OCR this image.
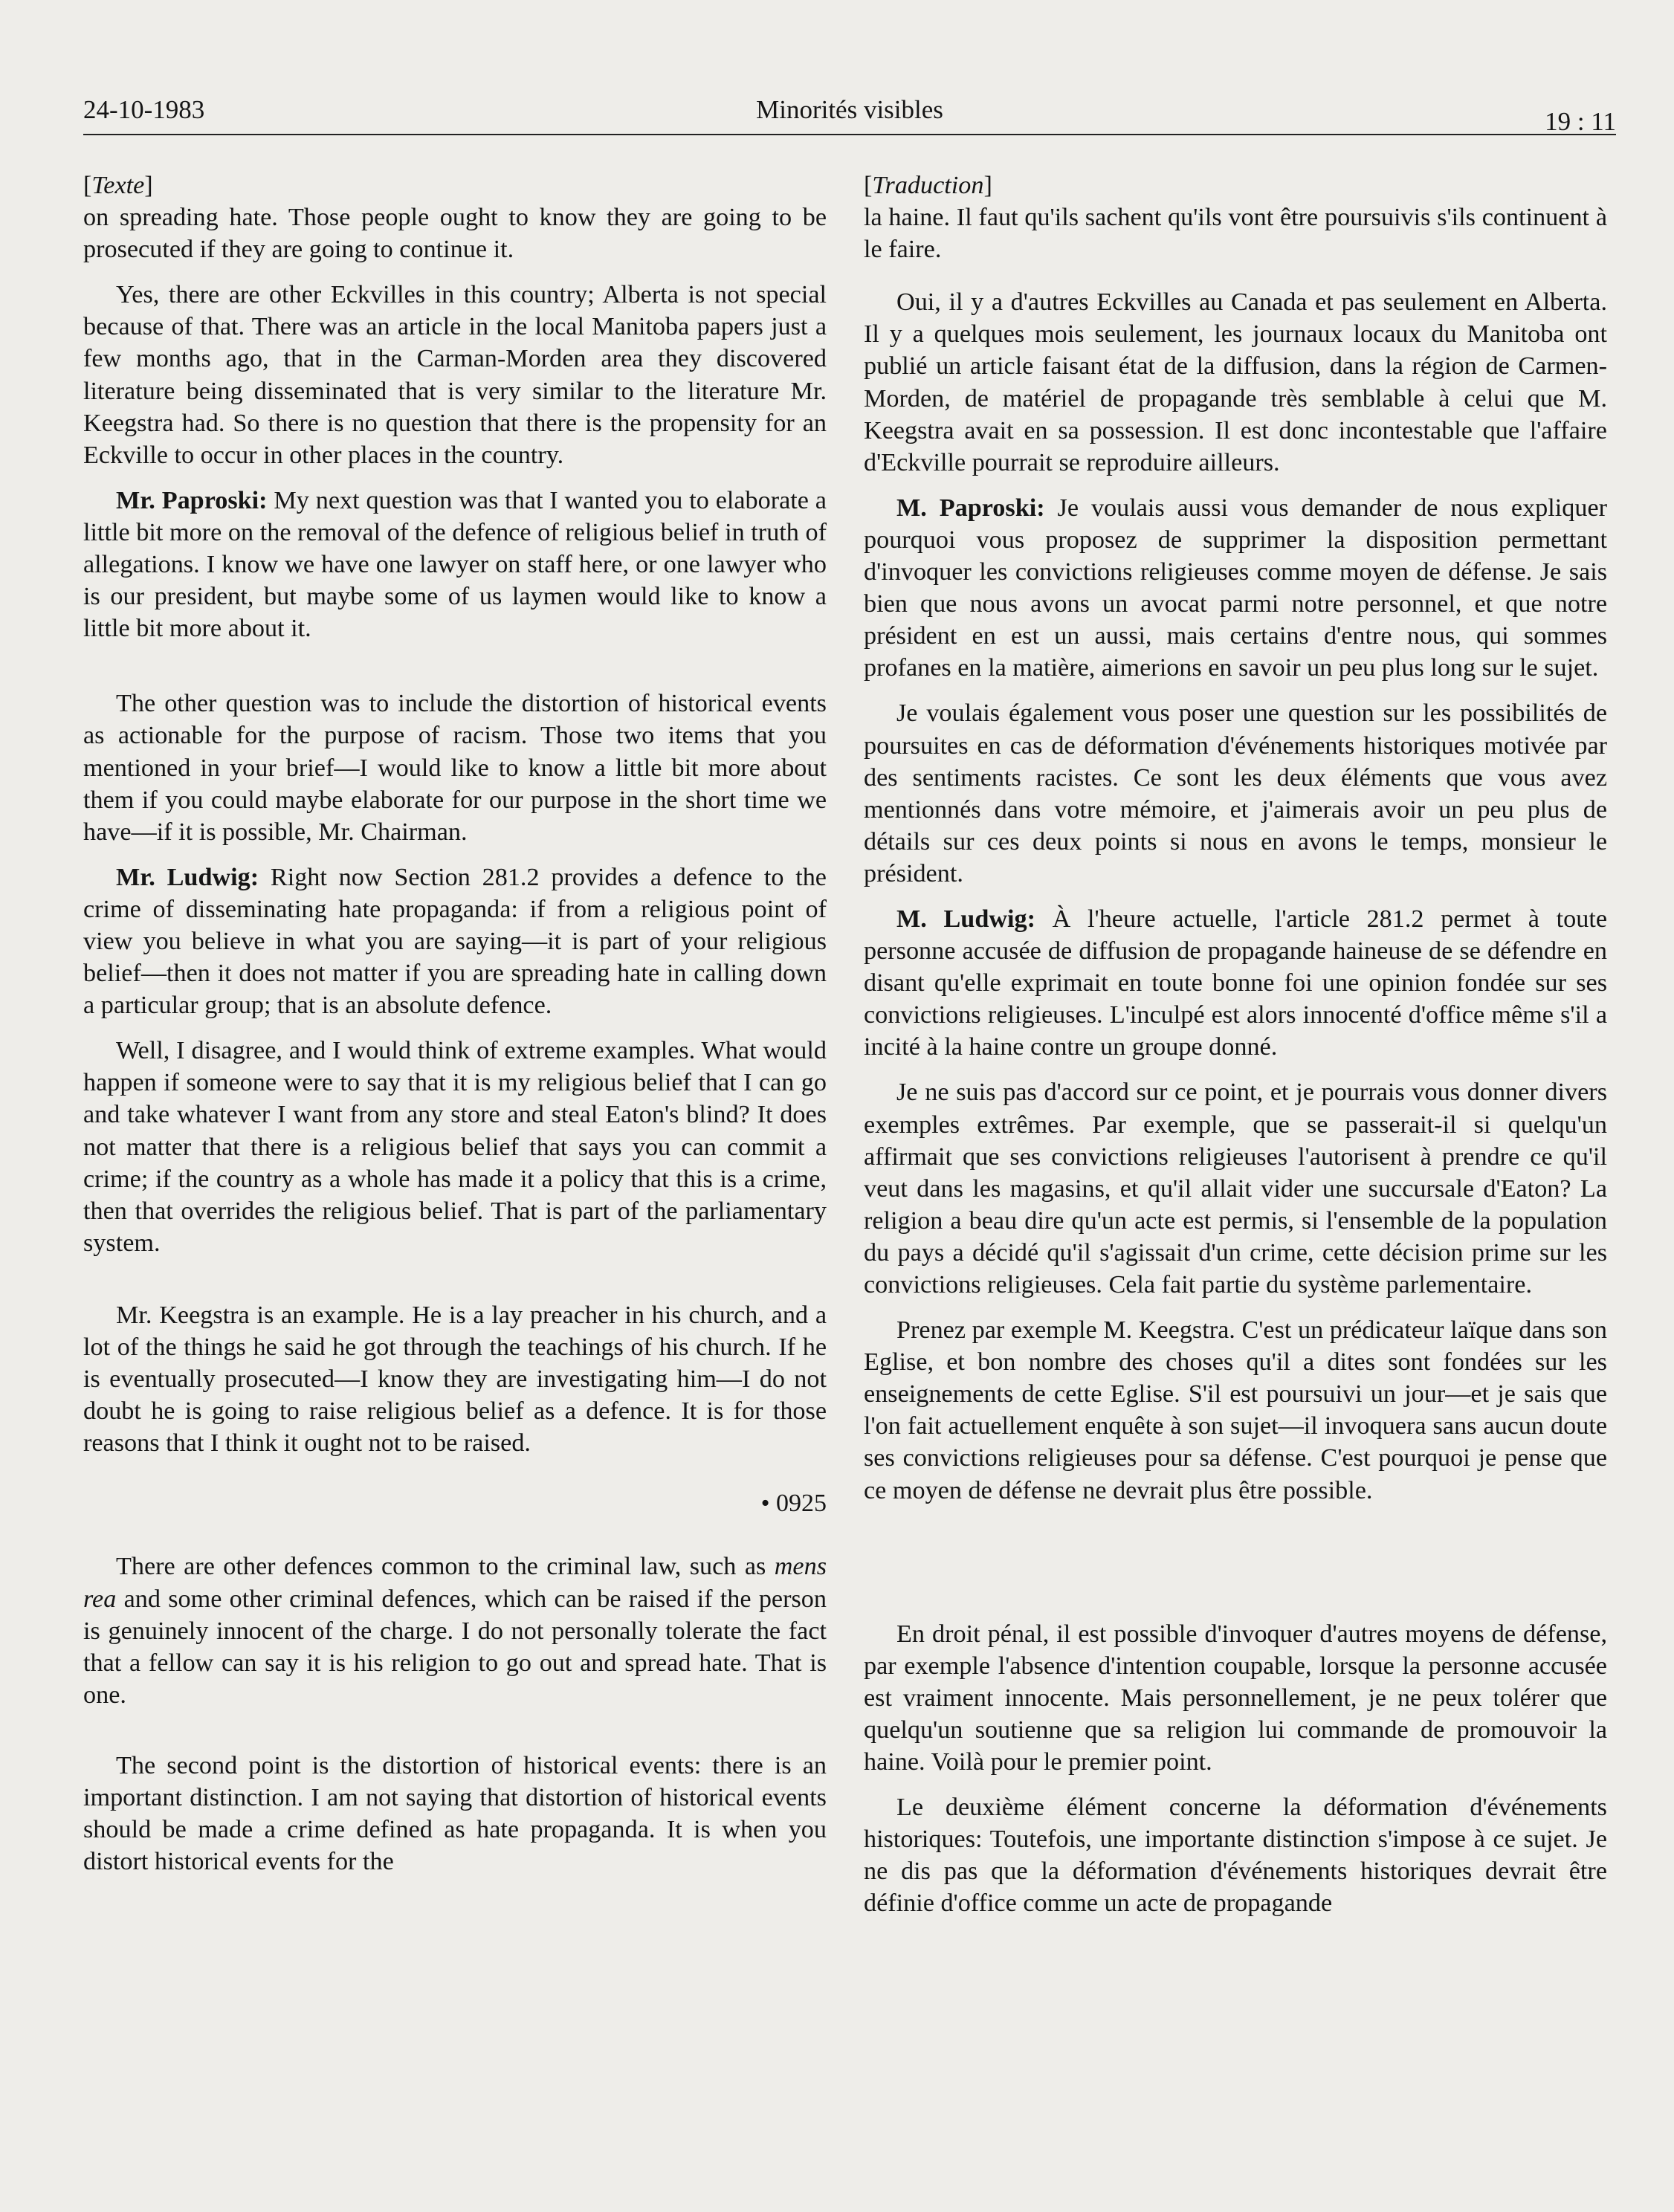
24-10-1983	Minorités visibles	19 : 11

[Texte]

on spreading hate. Those people ought to know they are going to be prosecuted if they are going to continue it.

Yes, there are other Eckvilles in this country; Alberta is not special because of that. There was an article in the local Manitoba papers just a few months ago, that in the Carman-Morden area they discovered literature being disseminated that is very similar to the literature Mr. Keegstra had. So there is no question that there is the propensity for an Eckville to occur in other places in the country.

Mr. Paproski: My next question was that I wanted you to elaborate a little bit more on the removal of the defence of religious belief in truth of allegations. I know we have one lawyer on staff here, or one lawyer who is our president, but maybe some of us laymen would like to know a little bit more about it.

The other question was to include the distortion of historical events as actionable for the purpose of racism. Those two items that you mentioned in your brief—I would like to know a little bit more about them if you could maybe elaborate for our purpose in the short time we have—if it is possible, Mr. Chairman.

Mr. Ludwig: Right now Section 281.2 provides a defence to the crime of disseminating hate propaganda: if from a religious point of view you believe in what you are saying—it is part of your religious belief—then it does not matter if you are spreading hate in calling down a particular group; that is an absolute defence.

Well, I disagree, and I would think of extreme examples. What would happen if someone were to say that it is my religious belief that I can go and take whatever I want from any store and steal Eaton's blind? It does not matter that there is a religious belief that says you can commit a crime; if the country as a whole has made it a policy that this is a crime, then that overrides the religious belief. That is part of the parliamentary system.

Mr. Keegstra is an example. He is a lay preacher in his church, and a lot of the things he said he got through the teachings of his church. If he is eventually prosecuted—I know they are investigating him—I do not doubt he is going to raise religious belief as a defence. It is for those reasons that I think it ought not to be raised.

• 0925

There are other defences common to the criminal law, such as mens rea and some other criminal defences, which can be raised if the person is genuinely innocent of the charge. I do not personally tolerate the fact that a fellow can say it is his religion to go out and spread hate. That is one.

The second point is the distortion of historical events: there is an important distinction. I am not saying that distortion of historical events should be made a crime defined as hate propaganda. It is when you distort historical events for the

[Traduction]

la haine. Il faut qu'ils sachent qu'ils vont être poursuivis s'ils continuent à le faire.

Oui, il y a d'autres Eckvilles au Canada et pas seulement en Alberta. Il y a quelques mois seulement, les journaux locaux du Manitoba ont publié un article faisant état de la diffusion, dans la région de Carmen-Morden, de matériel de propagande très semblable à celui que M. Keegstra avait en sa possession. Il est donc incontestable que l'affaire d'Eckville pourrait se reproduire ailleurs.

M. Paproski: Je voulais aussi vous demander de nous expliquer pourquoi vous proposez de supprimer la disposition permettant d'invoquer les convictions religieuses comme moyen de défense. Je sais bien que nous avons un avocat parmi notre personnel, et que notre président en est un aussi, mais certains d'entre nous, qui sommes profanes en la matière, aimerions en savoir un peu plus long sur le sujet.

Je voulais également vous poser une question sur les possibilités de poursuites en cas de déformation d'événements historiques motivée par des sentiments racistes. Ce sont les deux éléments que vous avez mentionnés dans votre mémoire, et j'aimerais avoir un peu plus de détails sur ces deux points si nous en avons le temps, monsieur le président.

M. Ludwig: À l'heure actuelle, l'article 281.2 permet à toute personne accusée de diffusion de propagande haineuse de se défendre en disant qu'elle exprimait en toute bonne foi une opinion fondée sur ses convictions religieuses. L'inculpé est alors innocenté d'office même s'il a incité à la haine contre un groupe donné.

Je ne suis pas d'accord sur ce point, et je pourrais vous donner divers exemples extrêmes. Par exemple, que se passerait-il si quelqu'un affirmait que ses convictions religieuses l'autorisent à prendre ce qu'il veut dans les magasins, et qu'il allait vider une succursale d'Eaton? La religion a beau dire qu'un acte est permis, si l'ensemble de la population du pays a décidé qu'il s'agissait d'un crime, cette décision prime sur les convictions religieuses. Cela fait partie du système parlementaire.

Prenez par exemple M. Keegstra. C'est un prédicateur laïque dans son Eglise, et bon nombre des choses qu'il a dites sont fondées sur les enseignements de cette Eglise. S'il est poursuivi un jour—et je sais que l'on fait actuellement enquête à son sujet—il invoquera sans aucun doute ses convictions religieuses pour sa défense. C'est pourquoi je pense que ce moyen de défense ne devrait plus être possible.

En droit pénal, il est possible d'invoquer d'autres moyens de défense, par exemple l'absence d'intention coupable, lorsque la personne accusée est vraiment innocente. Mais personnellement, je ne peux tolérer que quelqu'un soutienne que sa religion lui commande de promouvoir la haine. Voilà pour le premier point.

Le deuxième élément concerne la déformation d'événements historiques: Toutefois, une importante distinction s'impose à ce sujet. Je ne dis pas que la déformation d'événements historiques devrait être définie d'office comme un acte de propagande
